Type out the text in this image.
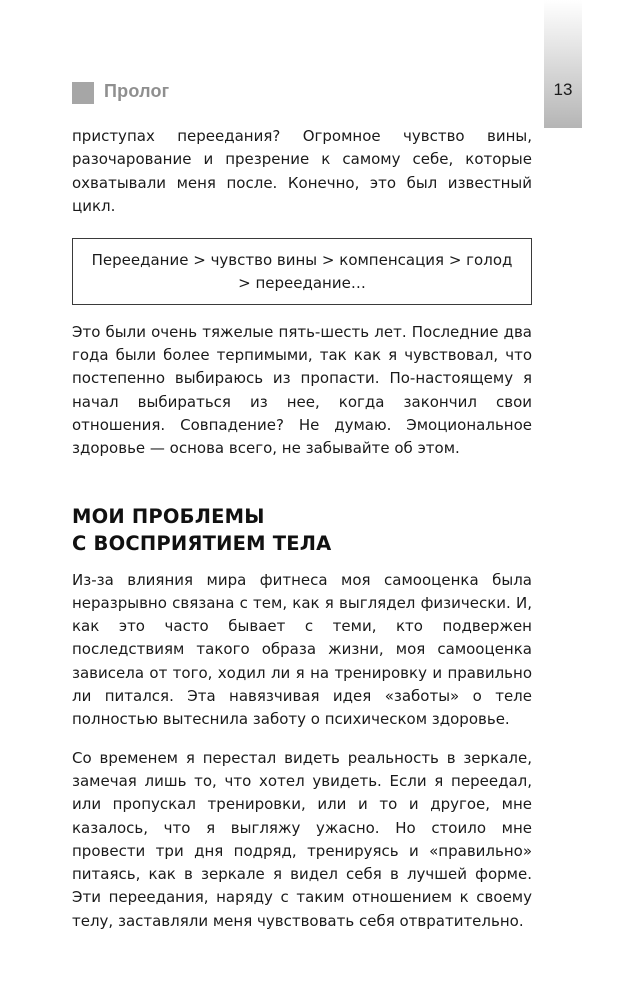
13
Пролог

приступах переедания? Огромное чувство вины, разочарование и презрение к самому себе, которые охватывали меня после. Конечно, это был известный цикл.

Переедание > чувство вины > компенсация > голод > переедание…

Это были очень тяжелые пять-шесть лет. Последние два года были более терпимыми, так как я чувствовал, что постепенно выбираюсь из пропасти. По-настоящему я начал выбираться из нее, когда закончил свои отношения. Совпадение? Не думаю. Эмоциональное здоровье — основа всего, не забывайте об этом.

МОИ ПРОБЛЕМЫ
С ВОСПРИЯТИЕМ ТЕЛА

Из-за влияния мира фитнеса моя самооценка была неразрывно связана с тем, как я выглядел физически. И, как это часто бывает с теми, кто подвержен последствиям такого образа жизни, моя самооценка зависела от того, ходил ли я на тренировку и правильно ли питался. Эта навязчивая идея «заботы» о теле полностью вытеснила заботу о психическом здоровье.

Со временем я перестал видеть реальность в зеркале, замечая лишь то, что хотел увидеть. Если я переедал, или пропускал тренировки, или и то и другое, мне казалось, что я выгляжу ужасно. Но стоило мне провести три дня подряд, тренируясь и «правильно» питаясь, как в зеркале я видел себя в лучшей форме. Эти переедания, наряду с таким отношением к своему телу, заставляли меня чувствовать себя отвратительно.
